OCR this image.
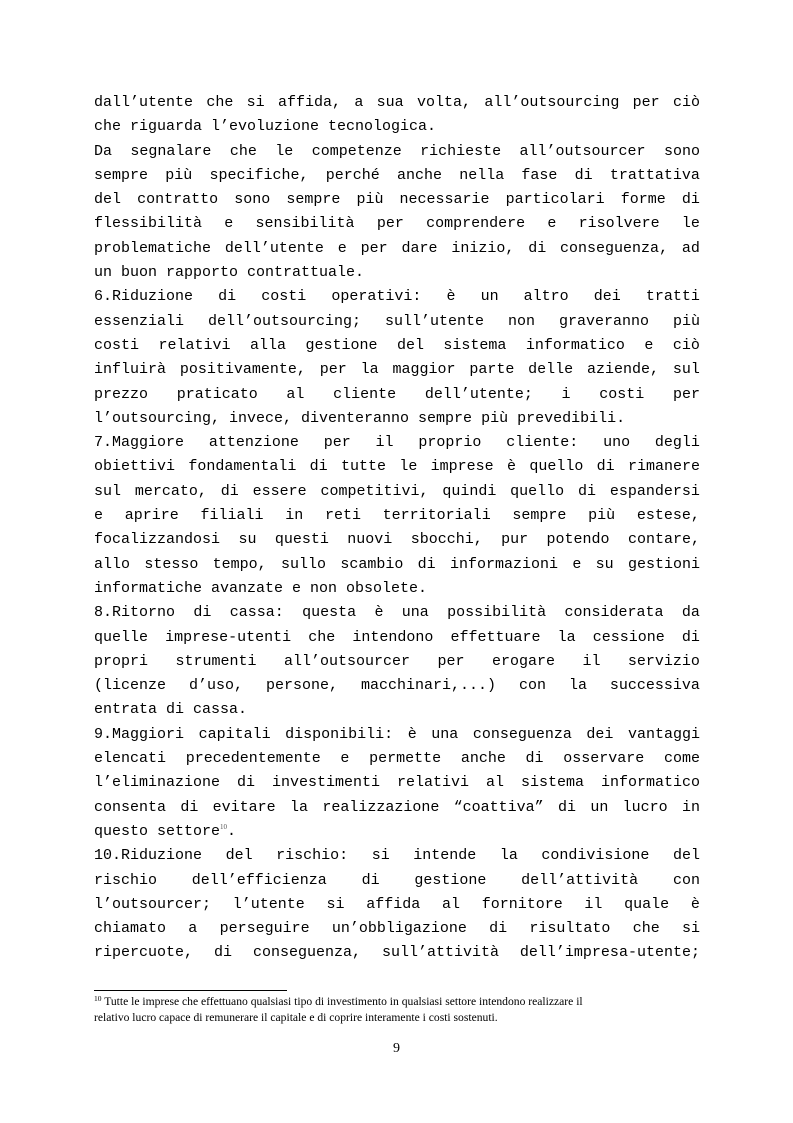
dall’utente che si affida, a sua volta, all’outsourcing per ciò
che riguarda l’evoluzione tecnologica.
Da segnalare che le competenze richieste all’outsourcer sono
sempre più specifiche, perché anche nella fase di trattativa
del contratto sono sempre più necessarie particolari forme di
flessibilità e sensibilità per comprendere e risolvere le
problematiche dell’utente e per dare inizio, di conseguenza, ad
un buon rapporto contrattuale.
6.Riduzione di costi operativi: è un altro dei tratti
essenziali dell’outsourcing; sull’utente non graveranno più
costi relativi alla gestione del sistema informatico e ciò
influirà positivamente, per la maggior parte delle aziende, sul
prezzo praticato al cliente dell’utente; i costi per
l’outsourcing, invece, diventeranno sempre più prevedibili.
7.Maggiore attenzione per il proprio cliente: uno degli
obiettivi fondamentali di tutte le imprese è quello di rimanere
sul mercato, di essere competitivi, quindi quello di espandersi
e aprire filiali in reti territoriali sempre più estese,
focalizzandosi su questi nuovi sbocchi, pur potendo contare,
allo stesso tempo, sullo scambio di informazioni e su gestioni
informatiche avanzate e non obsolete.
8.Ritorno di cassa: questa è una possibilità considerata da
quelle imprese-utenti che intendono effettuare la cessione di
propri strumenti all’outsourcer per erogare il servizio
(licenze d’uso, persone, macchinari,...) con la successiva
entrata di cassa.
9.Maggiori capitali disponibili: è una conseguenza dei vantaggi
elencati precedentemente e permette anche di osservare come
l’eliminazione di investimenti relativi al sistema informatico
consenta di evitare la realizzazione “coattiva” di un lucro in
questo settore$^{10}$.
10.Riduzione del rischio: si intende la condivisione del
rischio dell’efficienza di gestione dell’attività con
l’outsourcer; l’utente si affida al fornitore il quale è
chiamato a perseguire un’obbligazione di risultato che si
ripercuote, di conseguenza, sull’attività dell’impresa-utente;
$^{10}$ Tutte le imprese che effettuano qualsiasi tipo di investimento in qualsiasi settore intendono realizzare il
relativo lucro capace di remunerare il capitale e di coprire interamente i costi sostenuti.
9
